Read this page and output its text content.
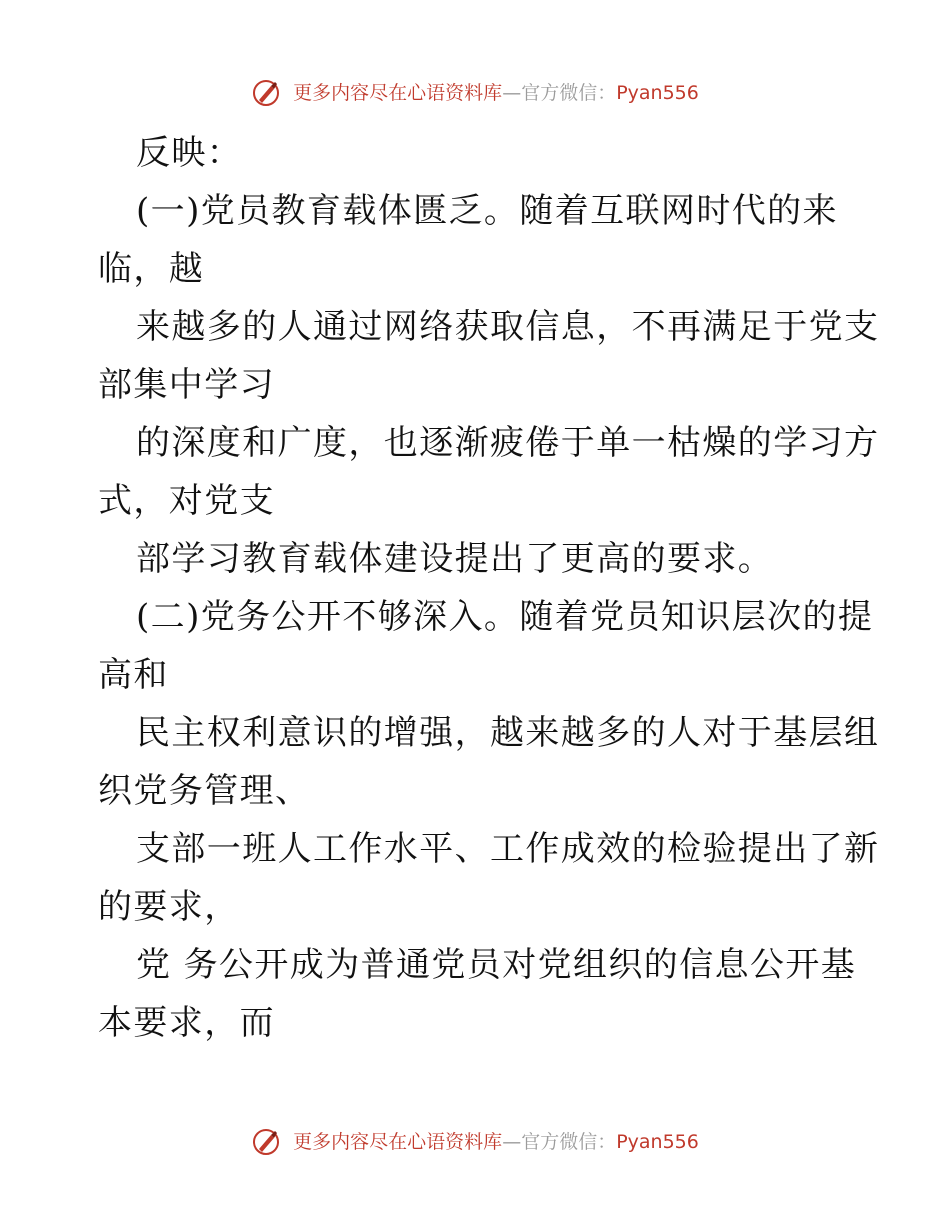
更多内容尽在心语资料库—官方微信：Pyan556
反映：
(一)党员教育载体匮乏。随着互联网时代的来
临，越
来越多的人通过网络获取信息，不再满足于党支
部集中学习
的深度和广度，也逐渐疲倦于单一枯燥的学习方
式，对党支
部学习教育载体建设提出了更高的要求。
(二)党务公开不够深入。随着党员知识层次的提
高和
民主权利意识的增强，越来越多的人对于基层组
织党务管理、
支部一班人工作水平、工作成效的检验提出了新
的要求，
党 务公开成为普通党员对党组织的信息公开基
本要求，而
更多内容尽在心语资料库—官方微信：Pyan556
